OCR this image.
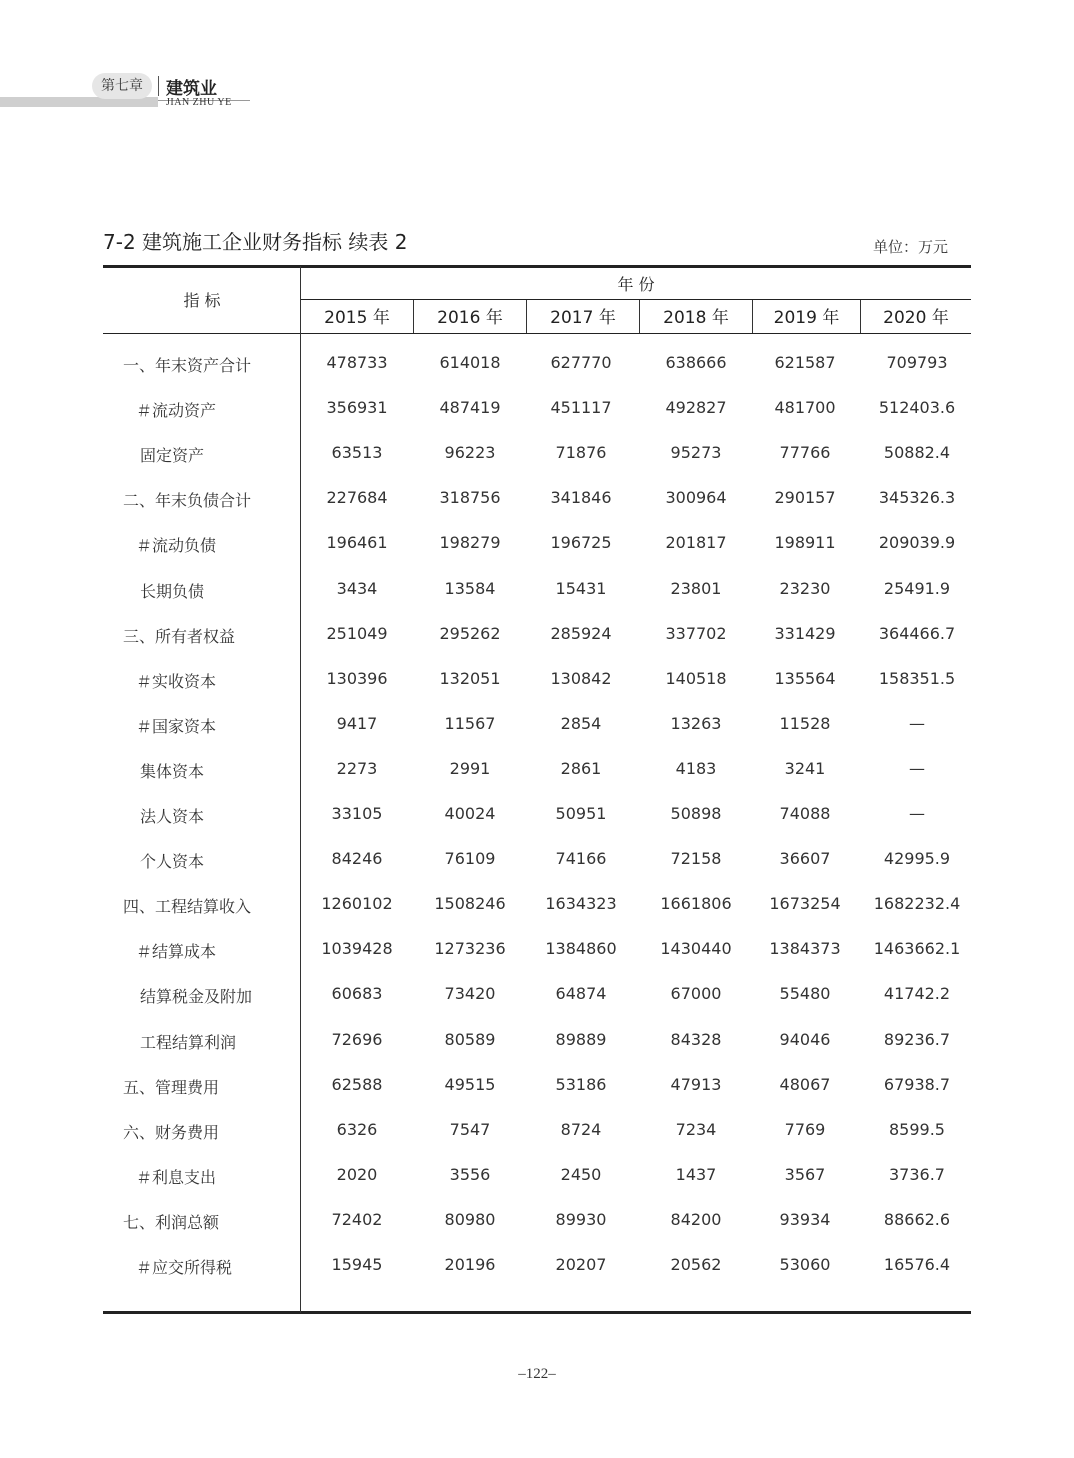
第七章	建筑业
JIAN ZHU YE
7-2 建筑施工企业财务指标 续表 2	单位：万元
指 标
年 份
2015 年	2016 年	2017 年	2018 年	2019 年	2020 年
一、年末资产合计	478733	614018	627770	638666	621587	709793
＃流动资产	356931	487419	451117	492827	481700	512403.6
固定资产	63513	96223	71876	95273	77766	50882.4
二、年末负债合计	227684	318756	341846	300964	290157	345326.3
＃流动负债	196461	198279	196725	201817	198911	209039.9
长期负债	3434	13584	15431	23801	23230	25491.9
三、所有者权益	251049	295262	285924	337702	331429	364466.7
＃实收资本	130396	132051	130842	140518	135564	158351.5
＃国家资本	9417	11567	2854	13263	11528	—
集体资本	2273	2991	2861	4183	3241	—
法人资本	33105	40024	50951	50898	74088	—
个人资本	84246	76109	74166	72158	36607	42995.9
四、工程结算收入	1260102	1508246	1634323	1661806	1673254	1682232.4
＃结算成本	1039428	1273236	1384860	1430440	1384373	1463662.1
结算税金及附加	60683	73420	64874	67000	55480	41742.2
工程结算利润	72696	80589	89889	84328	94046	89236.7
五、管理费用	62588	49515	53186	47913	48067	67938.7
六、财务费用	6326	7547	8724	7234	7769	8599.5
＃利息支出	2020	3556	2450	1437	3567	3736.7
七、利润总额	72402	80980	89930	84200	93934	88662.6
＃应交所得税	15945	20196	20207	20562	53060	16576.4
–122–
